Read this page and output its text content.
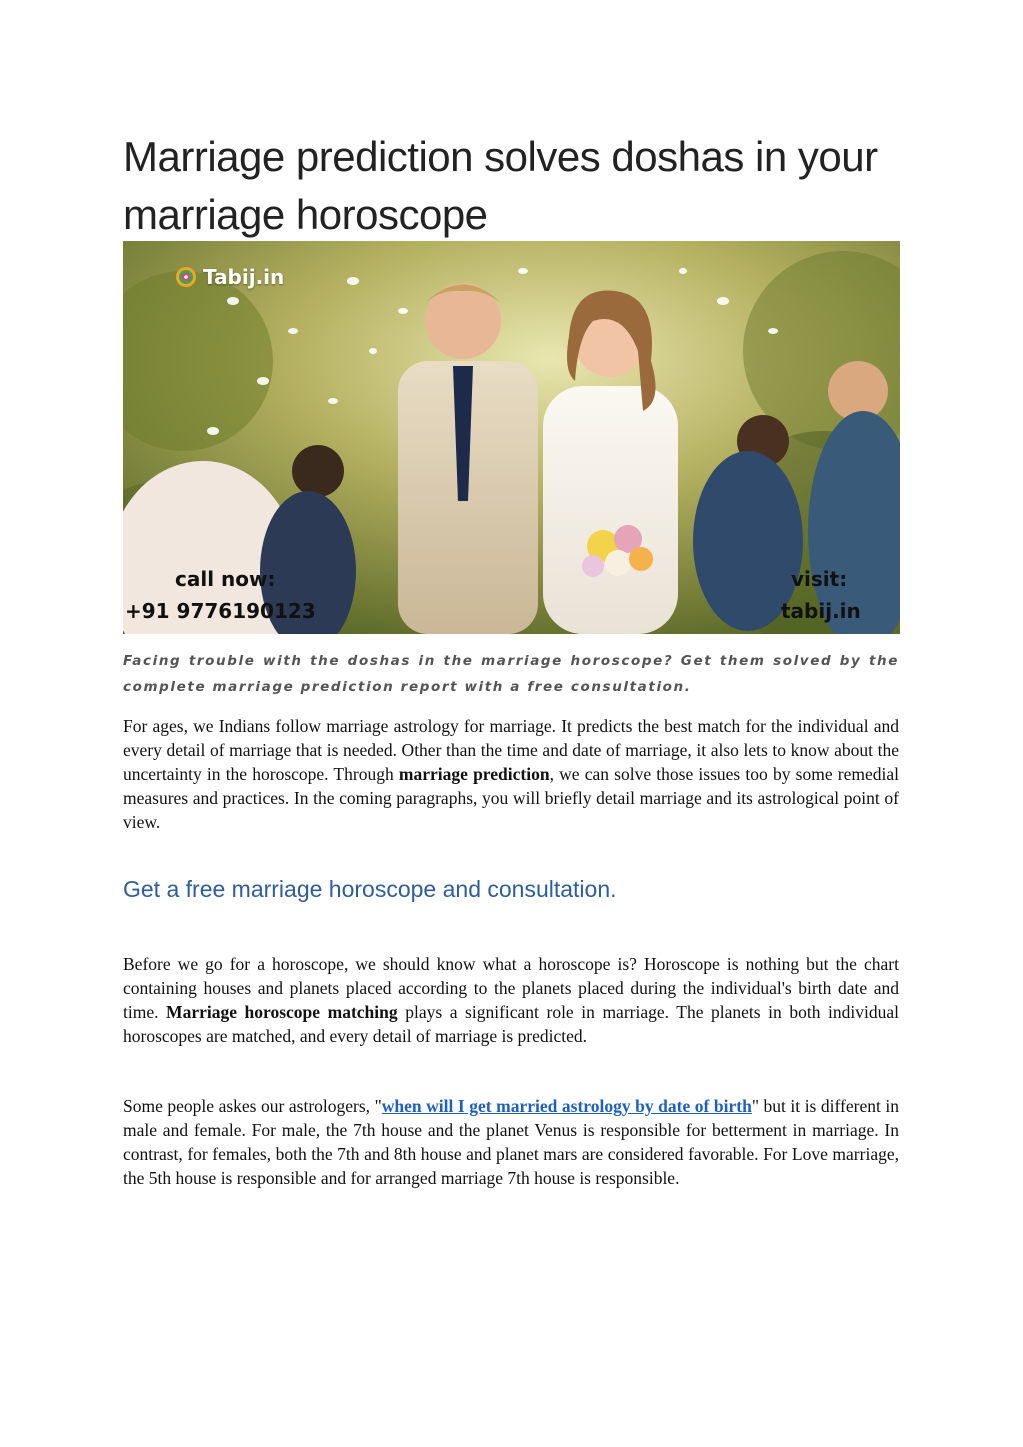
Marriage prediction solves doshas in your marriage horoscope
Tabij.in
call now:
+91 9776190123
visit:
tabij.in
Facing trouble with the doshas in the marriage horoscope? Get them solved by the complete marriage prediction report with a free consultation.

For ages, we Indians follow marriage astrology for marriage. It predicts the best match for the individual and every detail of marriage that is needed. Other than the time and date of marriage, it also lets to know about the uncertainty in the horoscope. Through marriage prediction, we can solve those issues too by some remedial measures and practices. In the coming paragraphs, you will briefly detail marriage and its astrological point of view.

Get a free marriage horoscope and consultation.

Before we go for a horoscope, we should know what a horoscope is? Horoscope is nothing but the chart containing houses and planets placed according to the planets placed during the individual's birth date and time. Marriage horoscope matching plays a significant role in marriage. The planets in both individual horoscopes are matched, and every detail of marriage is predicted.

Some people askes our astrologers, "when will I get married astrology by date of birth" but it is different in male and female. For male, the 7th house and the planet Venus is responsible for betterment in marriage. In contrast, for females, both the 7th and 8th house and planet mars are considered favorable. For Love marriage, the 5th house is responsible and for arranged marriage 7th house is responsible.
